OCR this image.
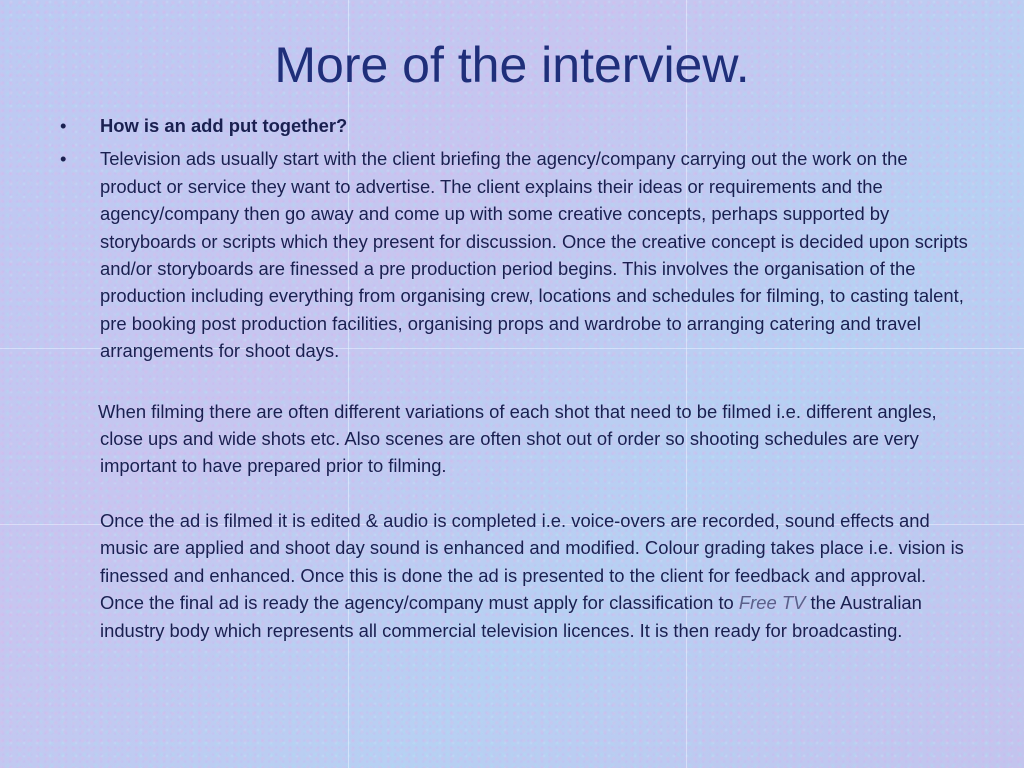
More of the interview.
• How is an add put together?
• Television ads usually start with the client briefing the agency/company carrying out the work on the product or service they want to advertise. The client explains their ideas or requirements and the agency/company then go away and come up with some creative concepts, perhaps supported by storyboards or scripts which they present for discussion. Once the creative concept is decided upon scripts and/or storyboards are finessed a pre production period begins. This involves the organisation of the production including everything from organising crew, locations and schedules for filming, to casting talent, pre booking post production facilities, organising props and wardrobe to arranging catering and travel arrangements for shoot days.

When filming there are often different variations of each shot that need to be filmed i.e. different angles, close ups and wide shots etc. Also scenes are often shot out of order so shooting schedules are very important to have prepared prior to filming.

Once the ad is filmed it is edited & audio is completed i.e. voice-overs are recorded, sound effects and music are applied and shoot day sound is enhanced and modified. Colour grading takes place i.e. vision is finessed and enhanced. Once this is done the ad is presented to the client for feedback and approval. Once the final ad is ready the agency/company must apply for classification to Free TV the Australian industry body which represents all commercial television licences. It is then ready for broadcasting.
